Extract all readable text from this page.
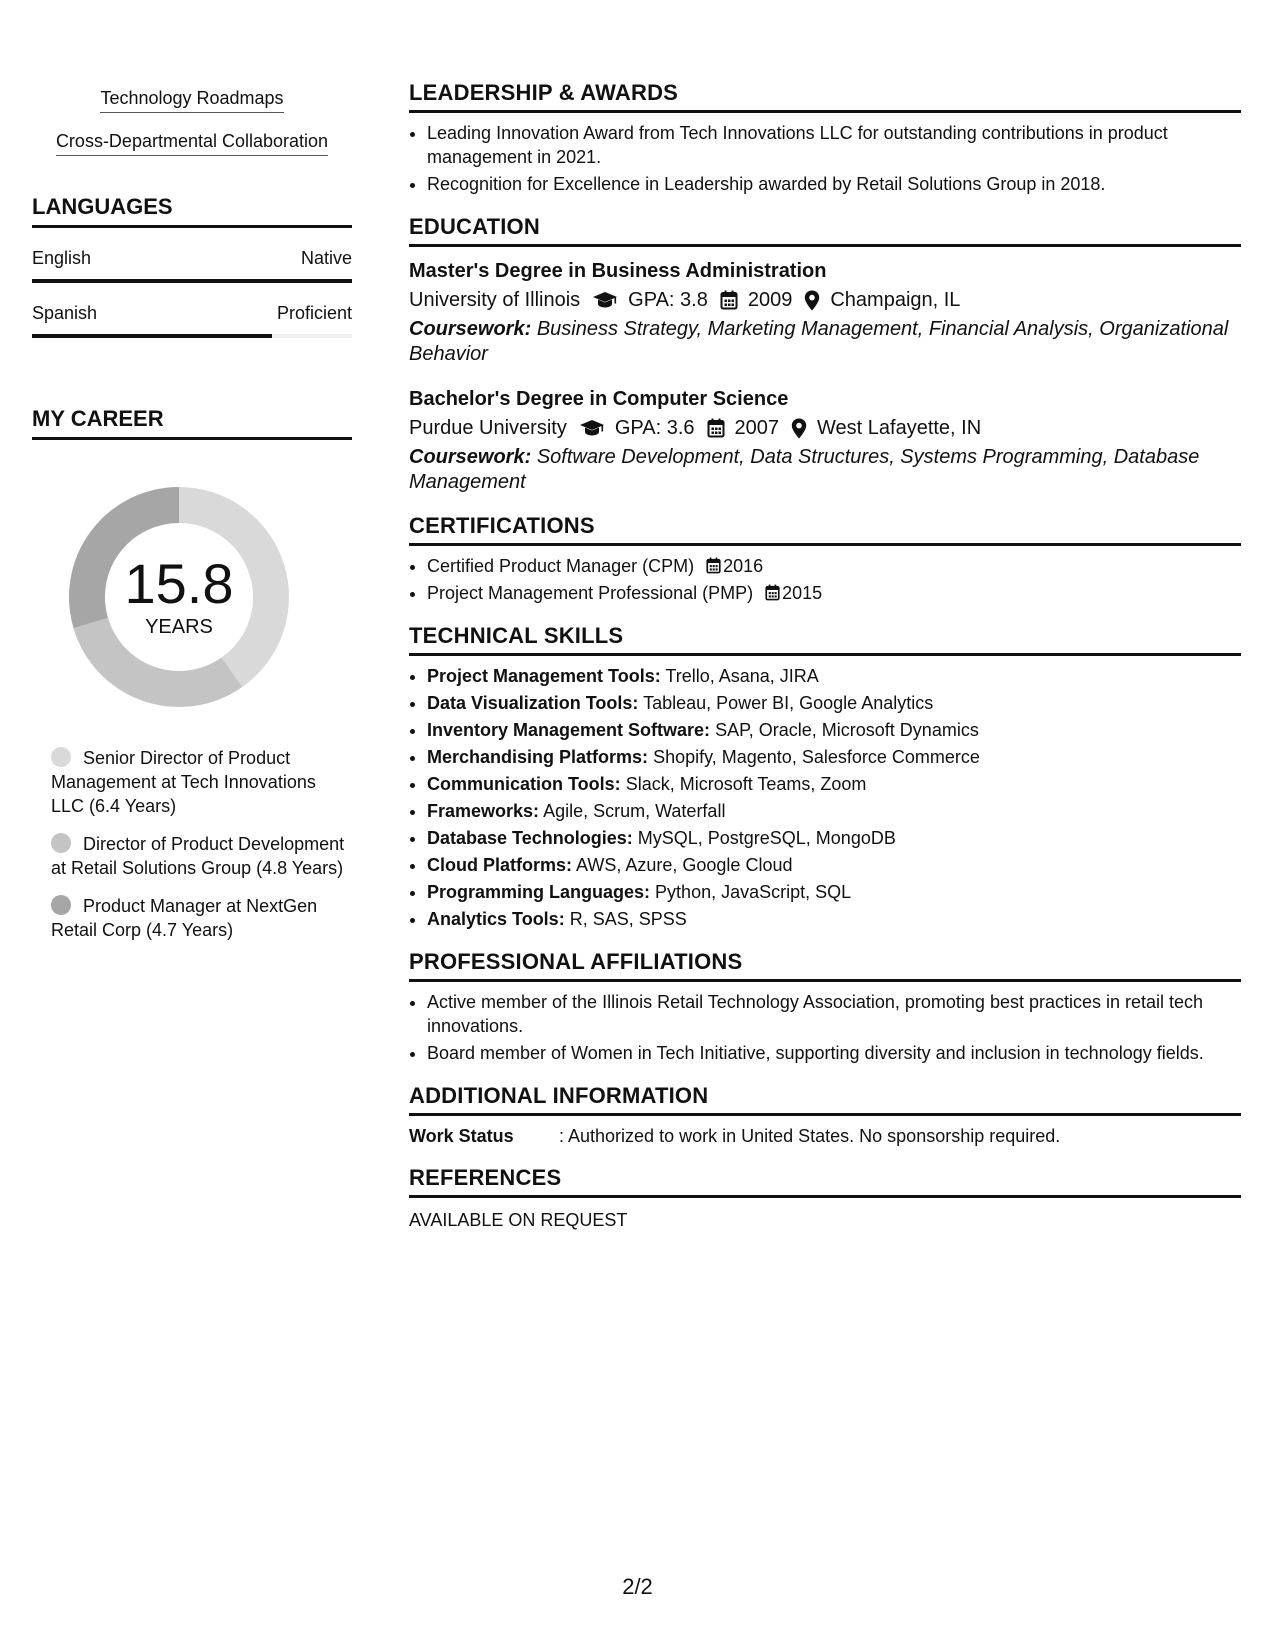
Technology Roadmaps
Cross-Departmental Collaboration
LANGUAGES
English	Native
Spanish	Proficient
MY CAREER
15.8
YEARS
Senior Director of Product Management at Tech Innovations LLC (6.4 Years)
Director of Product Development at Retail Solutions Group (4.8 Years)
Product Manager at NextGen Retail Corp (4.7 Years)
LEADERSHIP & AWARDS
• Leading Innovation Award from Tech Innovations LLC for outstanding contributions in product management in 2021.
• Recognition for Excellence in Leadership awarded by Retail Solutions Group in 2018.
EDUCATION
Master's Degree in Business Administration
University of Illinois GPA: 3.8 2009 Champaign, IL
Coursework: Business Strategy, Marketing Management, Financial Analysis, Organizational Behavior
Bachelor's Degree in Computer Science
Purdue University GPA: 3.6 2007 West Lafayette, IN
Coursework: Software Development, Data Structures, Systems Programming, Database Management
CERTIFICATIONS
• Certified Product Manager (CPM) 2016
• Project Management Professional (PMP) 2015
TECHNICAL SKILLS
• Project Management Tools: Trello, Asana, JIRA
• Data Visualization Tools: Tableau, Power BI, Google Analytics
• Inventory Management Software: SAP, Oracle, Microsoft Dynamics
• Merchandising Platforms: Shopify, Magento, Salesforce Commerce
• Communication Tools: Slack, Microsoft Teams, Zoom
• Frameworks: Agile, Scrum, Waterfall
• Database Technologies: MySQL, PostgreSQL, MongoDB
• Cloud Platforms: AWS, Azure, Google Cloud
• Programming Languages: Python, JavaScript, SQL
• Analytics Tools: R, SAS, SPSS
PROFESSIONAL AFFILIATIONS
• Active member of the Illinois Retail Technology Association, promoting best practices in retail tech innovations.
• Board member of Women in Tech Initiative, supporting diversity and inclusion in technology fields.
ADDITIONAL INFORMATION
Work Status	: Authorized to work in United States. No sponsorship required.
REFERENCES
AVAILABLE ON REQUEST
2/2
